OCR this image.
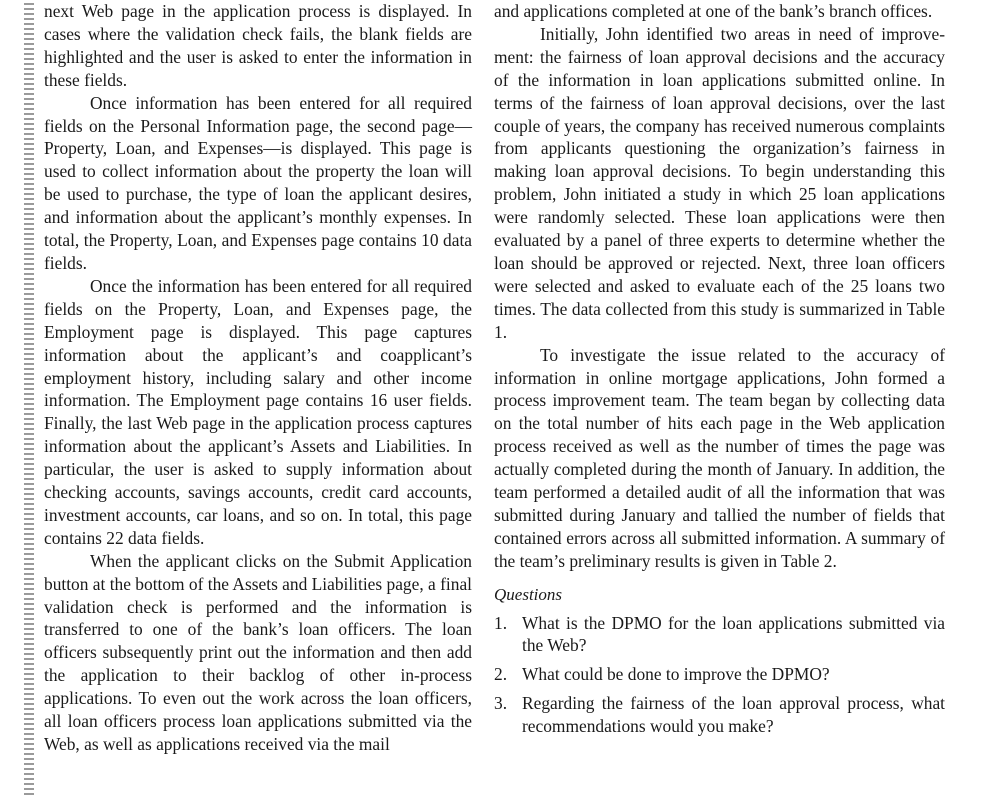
next Web page in the application process is displayed. In cases where the validation check fails, the blank fields are highlighted and the user is asked to enter the information in these fields.

Once information has been entered for all required fields on the Personal Information page, the second page—Property, Loan, and Expenses—is displayed. This page is used to collect information about the property the loan will be used to purchase, the type of loan the applicant desires, and information about the applicant’s monthly expenses. In total, the Property, Loan, and Expenses page contains 10 data fields.

Once the information has been entered for all required fields on the Property, Loan, and Expenses page, the Employment page is displayed. This page captures information about the applicant’s and coapplicant’s employment history, including salary and other income information. The Employment page contains 16 user fields. Finally, the last Web page in the application process captures information about the applicant’s Assets and Liabilities. In particular, the user is asked to supply information about checking accounts, savings accounts, credit card accounts, investment accounts, car loans, and so on. In total, this page contains 22 data fields.

When the applicant clicks on the Submit Application button at the bottom of the Assets and Liabilities page, a final validation check is performed and the information is transferred to one of the bank’s loan officers. The loan officers subsequently print out the information and then add the application to their backlog of other in-process applications. To even out the work across the loan officers, all loan officers process loan applications submitted via the Web, as well as applications received via the mail

and applications completed at one of the bank’s branch offices.

Initially, John identified two areas in need of improvement: the fairness of loan approval decisions and the accuracy of the information in loan applications submitted online. In terms of the fairness of loan approval decisions, over the last couple of years, the company has received numerous complaints from applicants questioning the organization’s fairness in making loan approval decisions. To begin understanding this problem, John initiated a study in which 25 loan applications were randomly selected. These loan applications were then evaluated by a panel of three experts to determine whether the loan should be approved or rejected. Next, three loan officers were selected and asked to evaluate each of the 25 loans two times. The data collected from this study is summarized in Table 1.

To investigate the issue related to the accuracy of information in online mortgage applications, John formed a process improvement team. The team began by collecting data on the total number of hits each page in the Web application process received as well as the number of times the page was actually completed during the month of January. In addition, the team performed a detailed audit of all the information that was submitted during January and tallied the number of fields that contained errors across all submitted information. A summary of the team’s preliminary results is given in Table 2.

Questions

1. What is the DPMO for the loan applications submitted via the Web?
2. What could be done to improve the DPMO?
3. Regarding the fairness of the loan approval process, what recommendations would you make?
